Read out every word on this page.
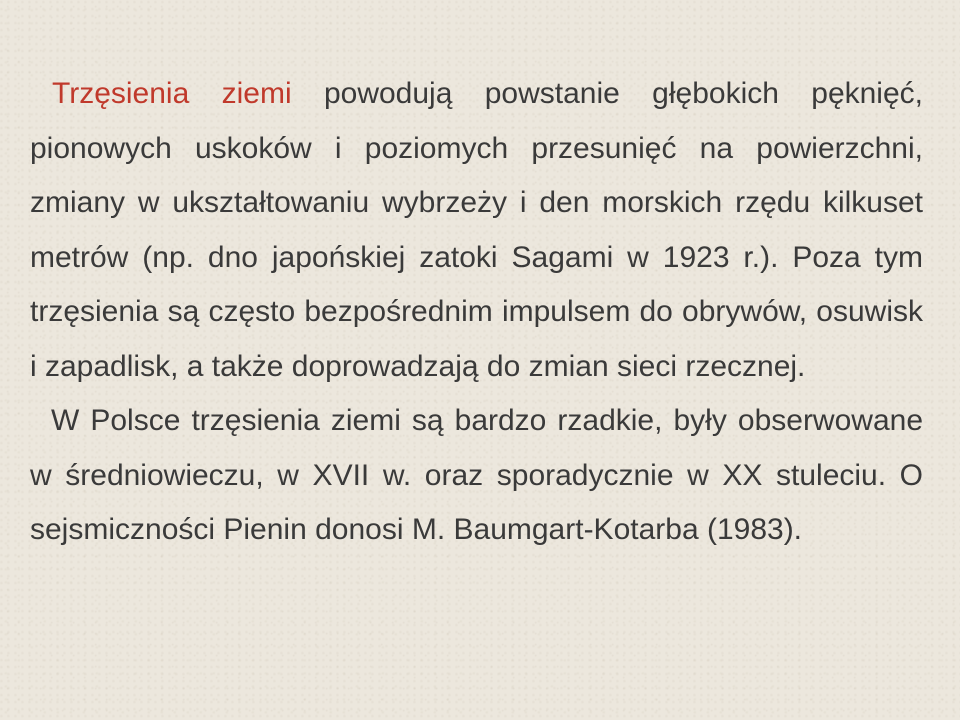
Trzęsienia ziemi powodują powstanie głębokich pęknięć, pionowych uskoków i poziomych przesunięć na powierzchni, zmiany w ukształtowaniu wybrzeży i den morskich rzędu kilkuset metrów (np. dno japońskiej zatoki Sagami w 1923 r.). Poza tym trzęsienia są często bezpośrednim impulsem do obrywów, osuwisk i zapadlisk, a także doprowadzają do zmian sieci rzecznej.

W Polsce trzęsienia ziemi są bardzo rzadkie, były obserwowane w średniowieczu, w XVII w. oraz sporadycznie w XX stuleciu. O sejsmiczności Pienin donosi M. Baumgart-Kotarba (1983).
